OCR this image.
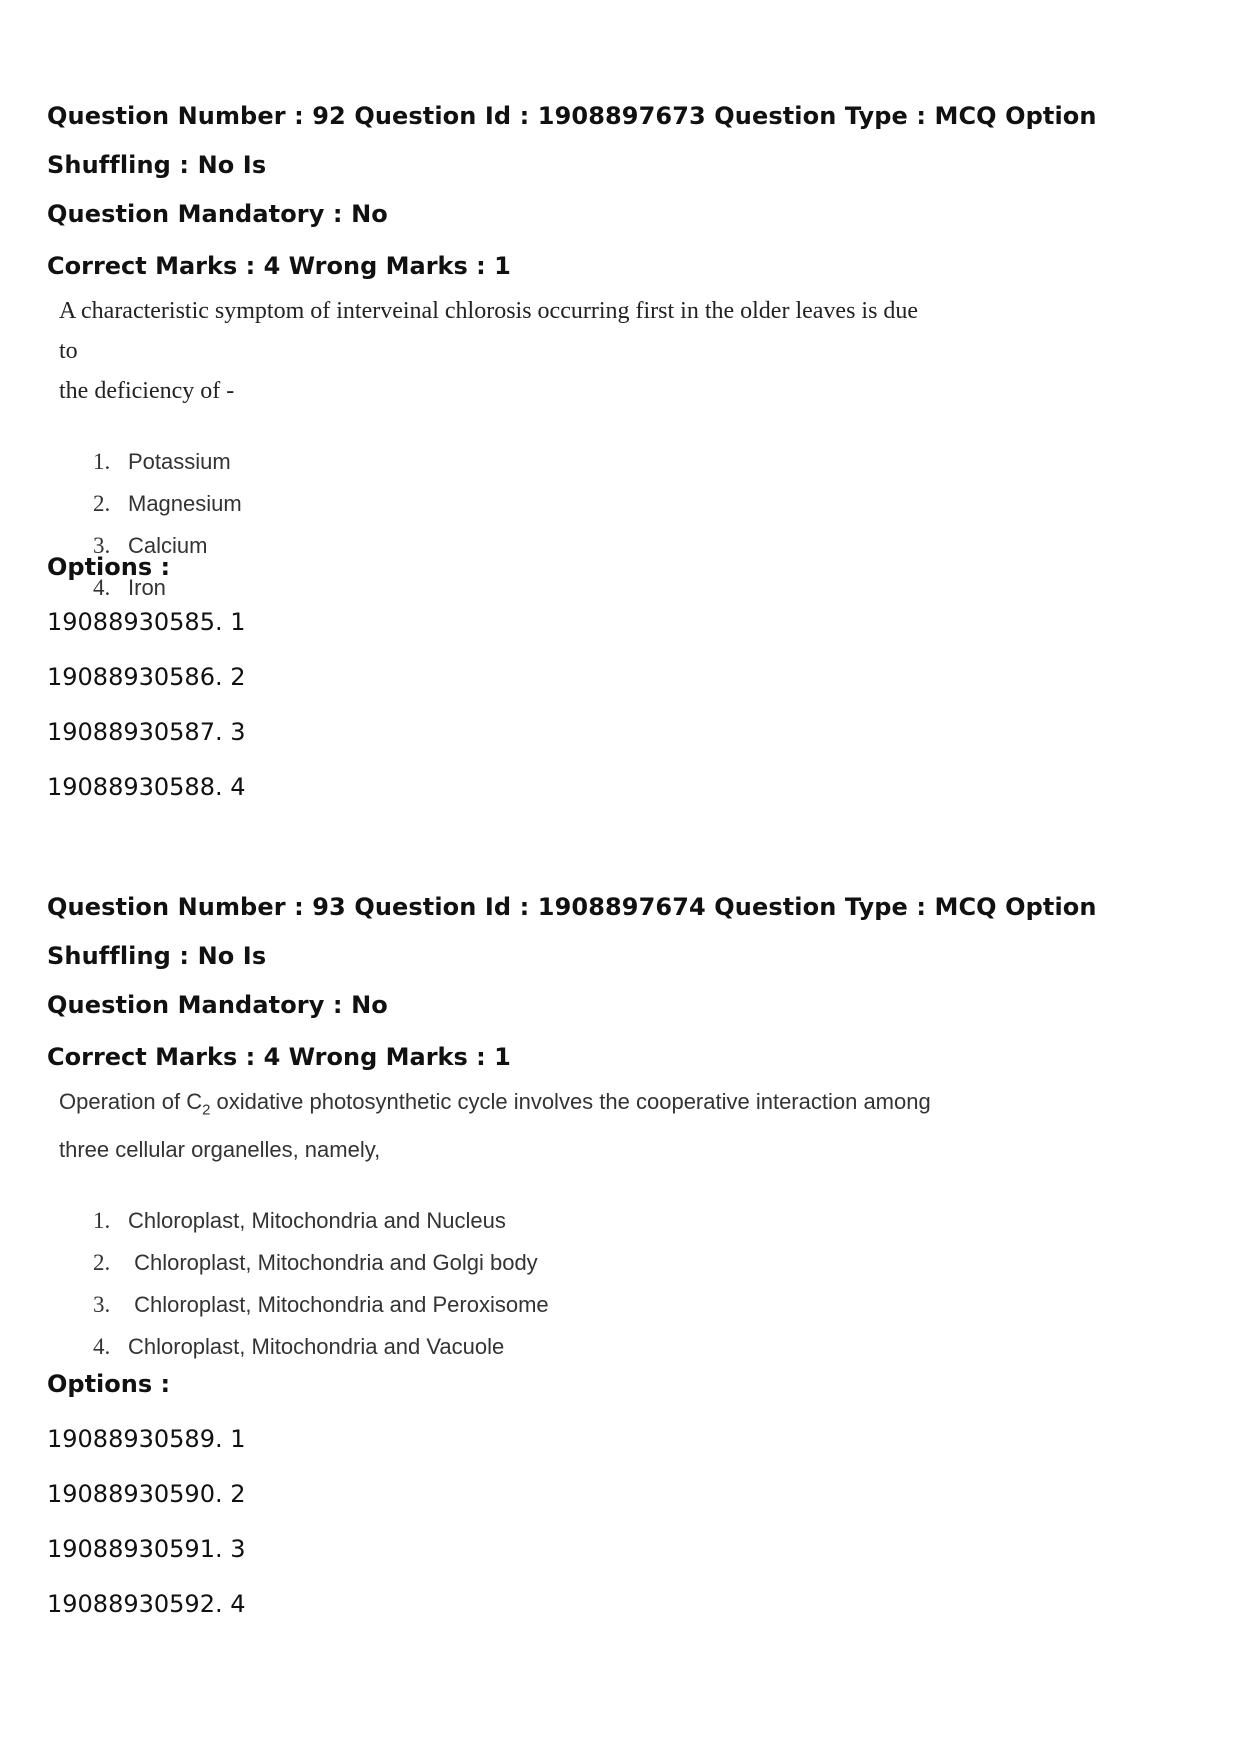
Question Number : 92 Question Id : 1908897673 Question Type : MCQ Option Shuffling : No Is
Question Mandatory : No
Correct Marks : 4 Wrong Marks : 1
A characteristic symptom of interveinal chlorosis occurring first in the older leaves is due to
the deficiency of -
1. Potassium
2. Magnesium
3. Calcium
4. Iron
Options :
19088930585. 1
19088930586. 2
19088930587. 3
19088930588. 4
Question Number : 93 Question Id : 1908897674 Question Type : MCQ Option Shuffling : No Is
Question Mandatory : No
Correct Marks : 4 Wrong Marks : 1
Operation of $C_2$ oxidative photosynthetic cycle involves the cooperative interaction among
three cellular organelles, namely,
1. Chloroplast, Mitochondria and Nucleus
2. Chloroplast, Mitochondria and Golgi body
3. Chloroplast, Mitochondria and Peroxisome
4. Chloroplast, Mitochondria and Vacuole
Options :
19088930589. 1
19088930590. 2
19088930591. 3
19088930592. 4
